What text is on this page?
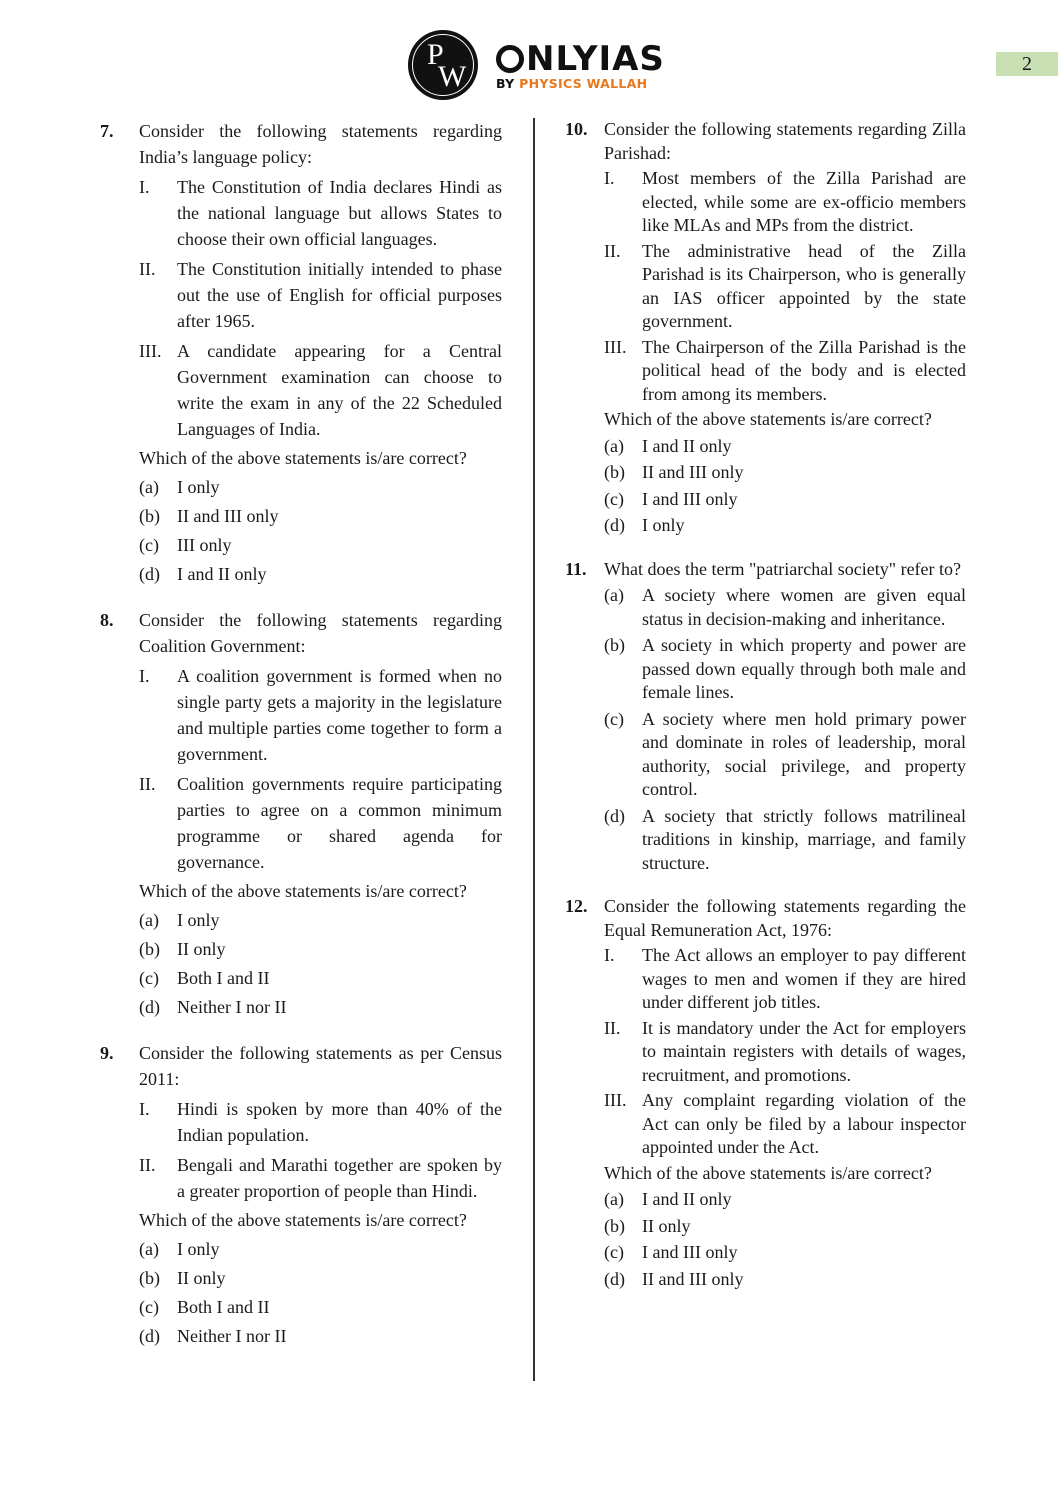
P
W	NLYIAS
BY PHYSICS WALLAH
2
7. Consider the following statements regarding India’s language policy:
I. The Constitution of India declares Hindi as the national language but allows States to choose their own official languages.
II. The Constitution initially intended to phase out the use of English for official purposes after 1965.
III. A candidate appearing for a Central Government examination can choose to write the exam in any of the 22 Scheduled Languages of India.
Which of the above statements is/are correct?
(a) I only
(b) II and III only
(c) III only
(d) I and II only
8. Consider the following statements regarding Coalition Government:
I. A coalition government is formed when no single party gets a majority in the legislature and multiple parties come together to form a government.
II. Coalition governments require participating parties to agree on a common minimum programme or shared agenda for governance.
Which of the above statements is/are correct?
(a) I only
(b) II only
(c) Both I and II
(d) Neither I nor II
9. Consider the following statements as per Census 2011:
I. Hindi is spoken by more than 40% of the Indian population.
II. Bengali and Marathi together are spoken by a greater proportion of people than Hindi.
Which of the above statements is/are correct?
(a) I only
(b) II only
(c) Both I and II
(d) Neither I nor II
10. Consider the following statements regarding Zilla Parishad:
I. Most members of the Zilla Parishad are elected, while some are ex-officio members like MLAs and MPs from the district.
II. The administrative head of the Zilla Parishad is its Chairperson, who is generally an IAS officer appointed by the state government.
III. The Chairperson of the Zilla Parishad is the political head of the body and is elected from among its members.
Which of the above statements is/are correct?
(a) I and II only
(b) II and III only
(c) I and III only
(d) I only
11. What does the term "patriarchal society" refer to?
(a) A society where women are given equal status in decision-making and inheritance.
(b) A society in which property and power are passed down equally through both male and female lines.
(c) A society where men hold primary power and dominate in roles of leadership, moral authority, social privilege, and property control.
(d) A society that strictly follows matrilineal traditions in kinship, marriage, and family structure.
12. Consider the following statements regarding the Equal Remuneration Act, 1976:
I. The Act allows an employer to pay different wages to men and women if they are hired under different job titles.
II. It is mandatory under the Act for employers to maintain registers with details of wages, recruitment, and promotions.
III. Any complaint regarding violation of the Act can only be filed by a labour inspector appointed under the Act.
Which of the above statements is/are correct?
(a) I and II only
(b) II only
(c) I and III only
(d) II and III only
